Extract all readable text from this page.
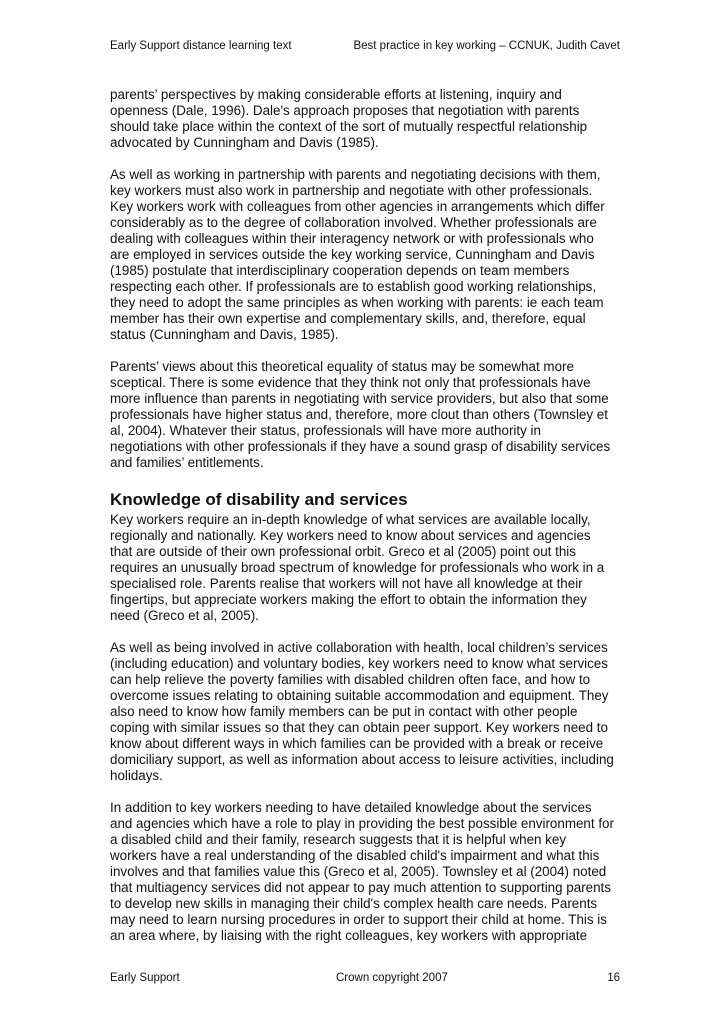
Early Support distance learning text	Best practice in key working – CCNUK, Judith Cavet

parents’ perspectives by making considerable efforts at listening, inquiry and
openness (Dale, 1996). Dale's approach proposes that negotiation with parents
should take place within the context of the sort of mutually respectful relationship
advocated by Cunningham and Davis (1985).

As well as working in partnership with parents and negotiating decisions with them,
key workers must also work in partnership and negotiate with other professionals.
Key workers work with colleagues from other agencies in arrangements which differ
considerably as to the degree of collaboration involved. Whether professionals are
dealing with colleagues within their interagency network or with professionals who
are employed in services outside the key working service, Cunningham and Davis
(1985) postulate that interdisciplinary cooperation depends on team members
respecting each other. If professionals are to establish good working relationships,
they need to adopt the same principles as when working with parents: ie each team
member has their own expertise and complementary skills, and, therefore, equal
status (Cunningham and Davis, 1985).

Parents’ views about this theoretical equality of status may be somewhat more
sceptical. There is some evidence that they think not only that professionals have
more influence than parents in negotiating with service providers, but also that some
professionals have higher status and, therefore, more clout than others (Townsley et
al, 2004). Whatever their status, professionals will have more authority in
negotiations with other professionals if they have a sound grasp of disability services
and families’ entitlements.

Knowledge of disability and services

Key workers require an in-depth knowledge of what services are available locally,
regionally and nationally. Key workers need to know about services and agencies
that are outside of their own professional orbit. Greco et al (2005) point out this
requires an unusually broad spectrum of knowledge for professionals who work in a
specialised role. Parents realise that workers will not have all knowledge at their
fingertips, but appreciate workers making the effort to obtain the information they
need (Greco et al, 2005).

As well as being involved in active collaboration with health, local children’s services
(including education) and voluntary bodies, key workers need to know what services
can help relieve the poverty families with disabled children often face, and how to
overcome issues relating to obtaining suitable accommodation and equipment. They
also need to know how family members can be put in contact with other people
coping with similar issues so that they can obtain peer support. Key workers need to
know about different ways in which families can be provided with a break or receive
domiciliary support, as well as information about access to leisure activities, including
holidays.

In addition to key workers needing to have detailed knowledge about the services
and agencies which have a role to play in providing the best possible environment for
a disabled child and their family, research suggests that it is helpful when key
workers have a real understanding of the disabled child's impairment and what this
involves and that families value this (Greco et al, 2005). Townsley et al (2004) noted
that multiagency services did not appear to pay much attention to supporting parents
to develop new skills in managing their child's complex health care needs. Parents
may need to learn nursing procedures in order to support their child at home. This is
an area where, by liaising with the right colleagues, key workers with appropriate

Early Support	Crown copyright 2007	16
